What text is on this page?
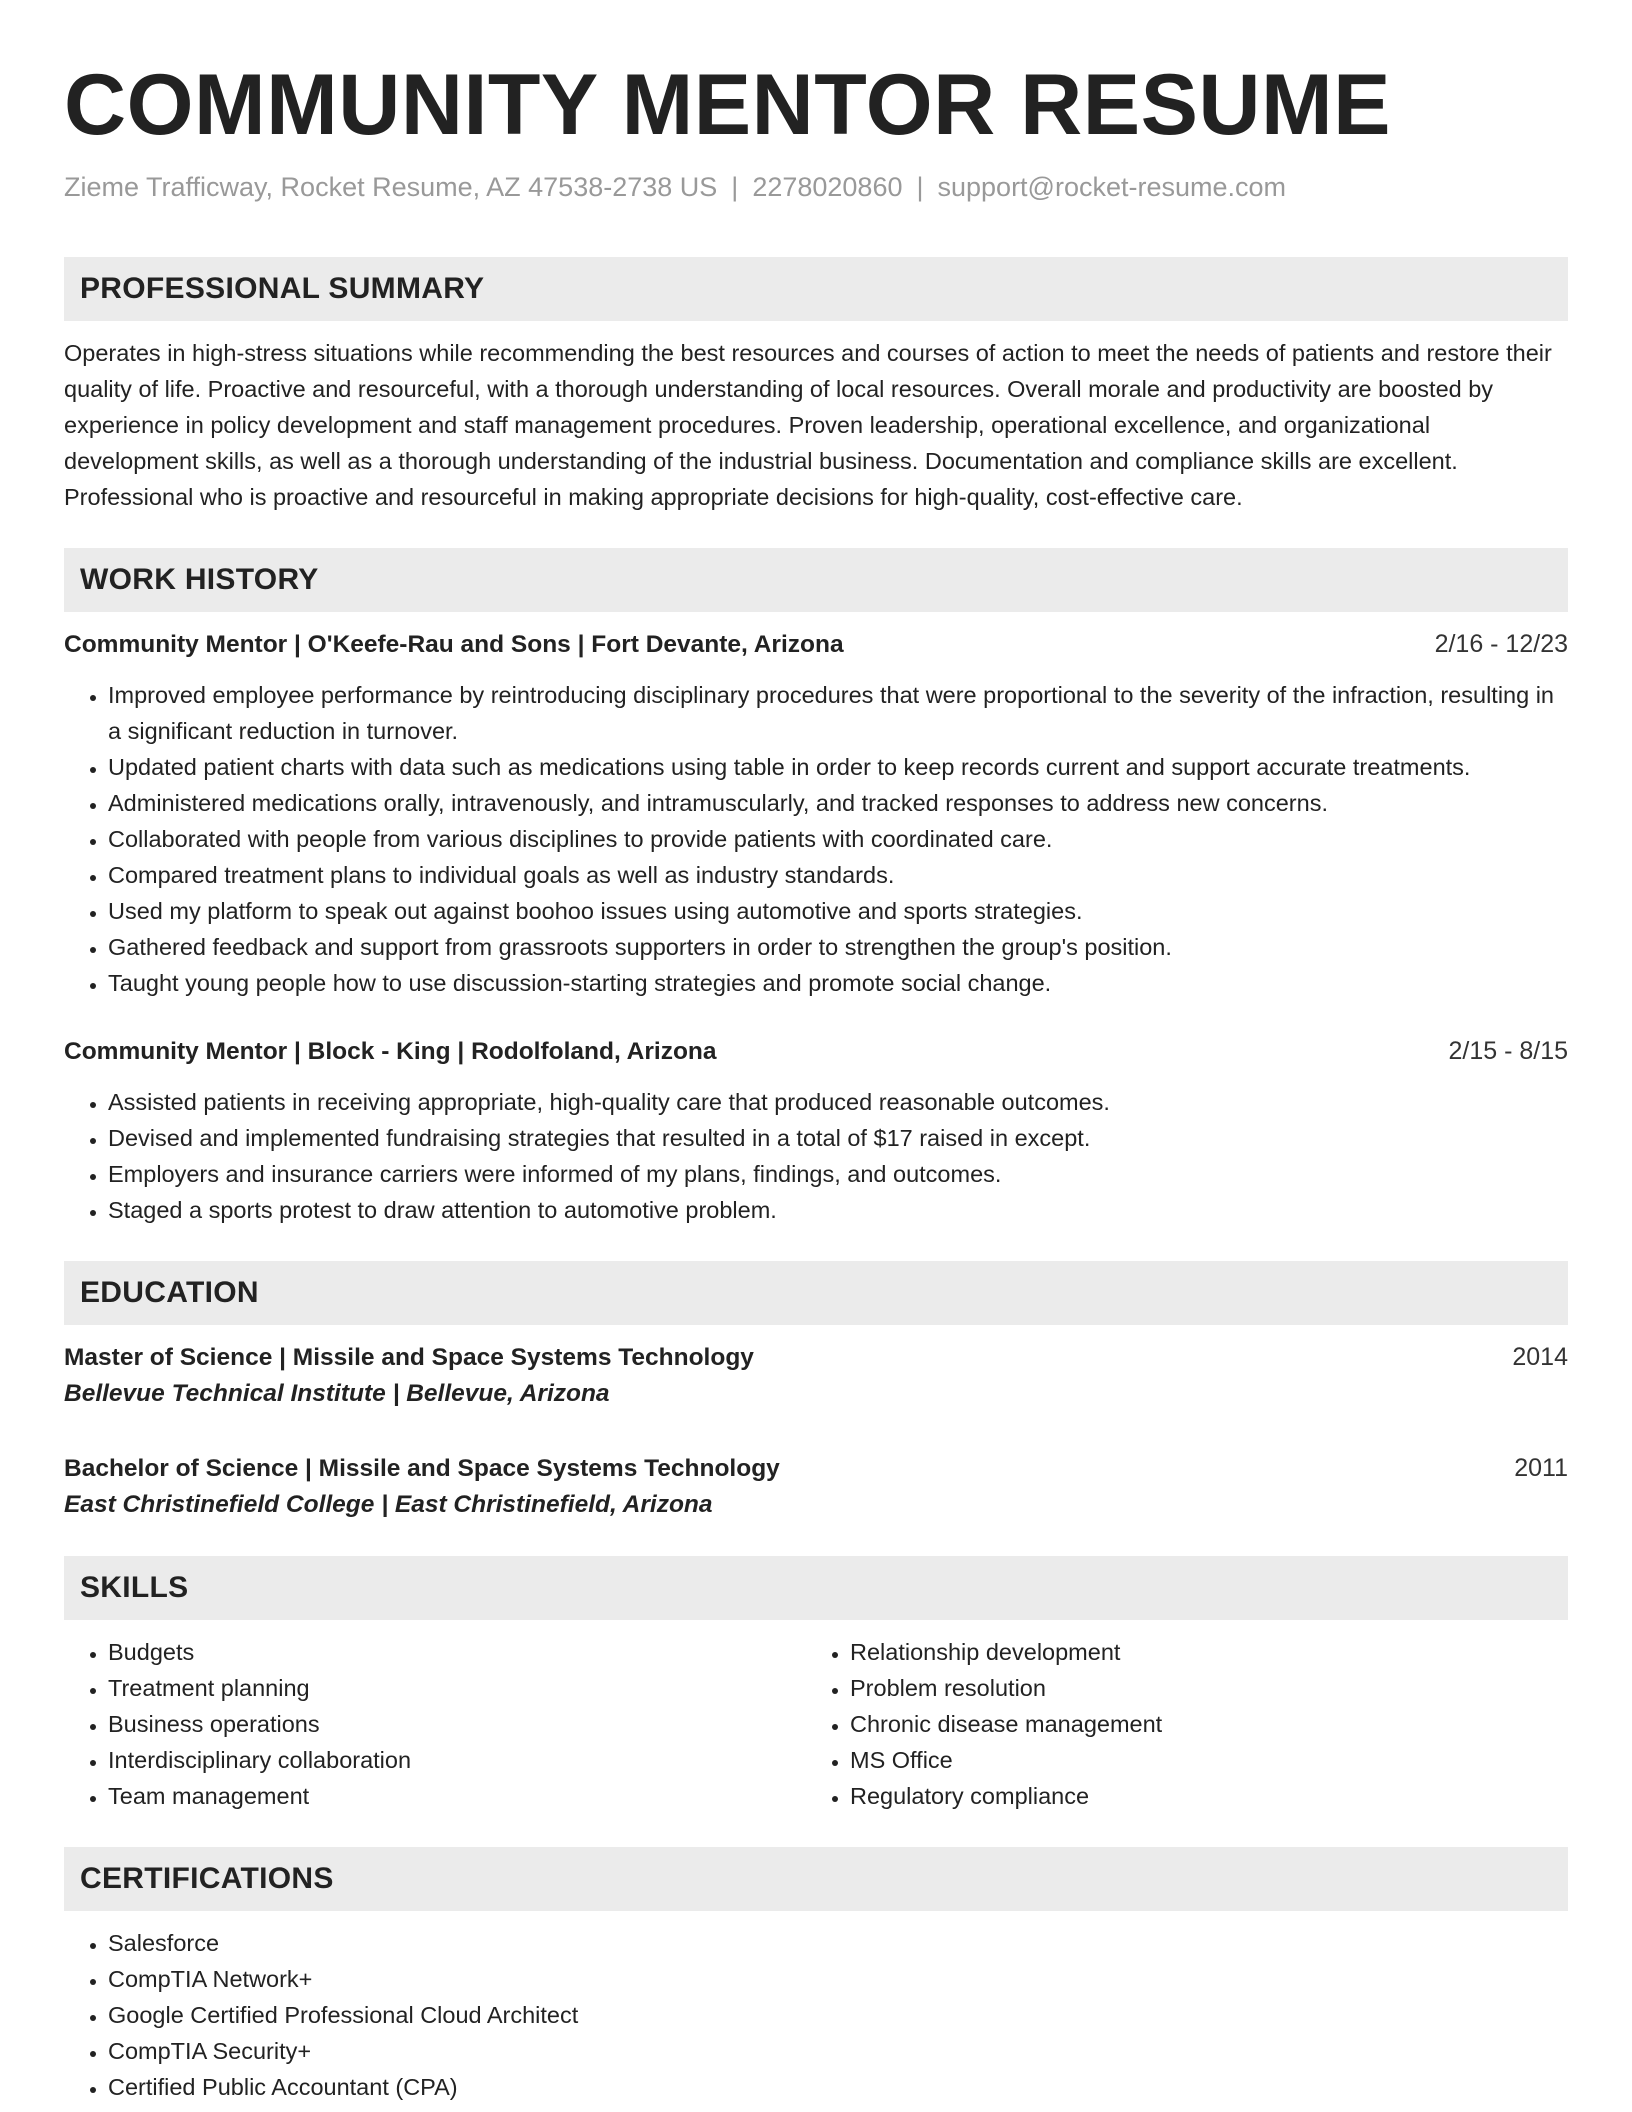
COMMUNITY MENTOR RESUME
Zieme Trafficway, Rocket Resume, AZ 47538-2738 US | 2278020860 | support@rocket-resume.com
PROFESSIONAL SUMMARY
Operates in high-stress situations while recommending the best resources and courses of action to meet the needs of patients and restore their quality of life. Proactive and resourceful, with a thorough understanding of local resources. Overall morale and productivity are boosted by experience in policy development and staff management procedures. Proven leadership, operational excellence, and organizational development skills, as well as a thorough understanding of the industrial business. Documentation and compliance skills are excellent. Professional who is proactive and resourceful in making appropriate decisions for high-quality, cost-effective care.
WORK HISTORY
Community Mentor | O'Keefe-Rau and Sons | Fort Devante, Arizona	2/16 - 12/23
• Improved employee performance by reintroducing disciplinary procedures that were proportional to the severity of the infraction, resulting in a significant reduction in turnover.
• Updated patient charts with data such as medications using table in order to keep records current and support accurate treatments.
• Administered medications orally, intravenously, and intramuscularly, and tracked responses to address new concerns.
• Collaborated with people from various disciplines to provide patients with coordinated care.
• Compared treatment plans to individual goals as well as industry standards.
• Used my platform to speak out against boohoo issues using automotive and sports strategies.
• Gathered feedback and support from grassroots supporters in order to strengthen the group's position.
• Taught young people how to use discussion-starting strategies and promote social change.
Community Mentor | Block - King | Rodolfoland, Arizona	2/15 - 8/15
• Assisted patients in receiving appropriate, high-quality care that produced reasonable outcomes.
• Devised and implemented fundraising strategies that resulted in a total of $17 raised in except.
• Employers and insurance carriers were informed of my plans, findings, and outcomes.
• Staged a sports protest to draw attention to automotive problem.
EDUCATION
Master of Science | Missile and Space Systems Technology	2014
Bellevue Technical Institute | Bellevue, Arizona
Bachelor of Science | Missile and Space Systems Technology	2011
East Christinefield College | East Christinefield, Arizona
SKILLS
• Budgets
• Treatment planning
• Business operations
• Interdisciplinary collaboration
• Team management
• Relationship development
• Problem resolution
• Chronic disease management
• MS Office
• Regulatory compliance
CERTIFICATIONS
• Salesforce
• CompTIA Network+
• Google Certified Professional Cloud Architect
• CompTIA Security+
• Certified Public Accountant (CPA)
